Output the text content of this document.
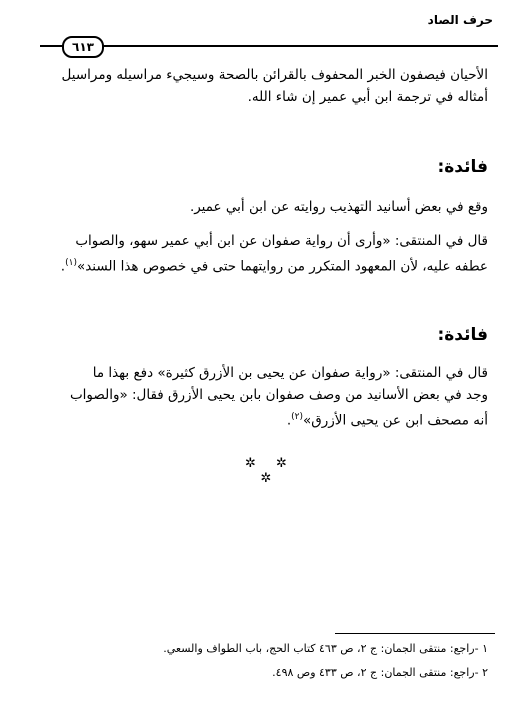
حرف الصاد
٦١٣
الأحيان فيصفون الخبر المحفوف بالقرائن بالصحة وسيجيء مراسيله ومراسيل
أمثاله في ترجمة ابن أبي عمير إن شاء الله.
فائدة:
وقع في بعض أسانيد التهذيب روايته عن ابن أبي عمير.
قال في المنتقى: «وأرى أن رواية صفوان عن ابن أبي عمير سهو، والصواب
عطفه عليه، لأن المعهود المتكرر من روايتهما حتى في خصوص هذا السند»$^{(١)}$.
فائدة:
قال في المنتقى: «رواية صفوان عن يحيى بن الأزرق كثيرة» دفع بهذا ما
وجد في بعض الأسانيد من وصف صفوان بابن يحيى الأزرق فقال: «والصواب
أنه مصحف ابن عن يحيى الأزرق»$^{(٢)}$.
✲ ✲ ✲
١ -راجع: منتقى الجمان: ج ٢، ص ٤٦٣ كتاب الحج، باب الطواف والسعي.
٢ -راجع: منتقى الجمان: ج ٢، ص ٤٣٣ وص ٤٩٨.
